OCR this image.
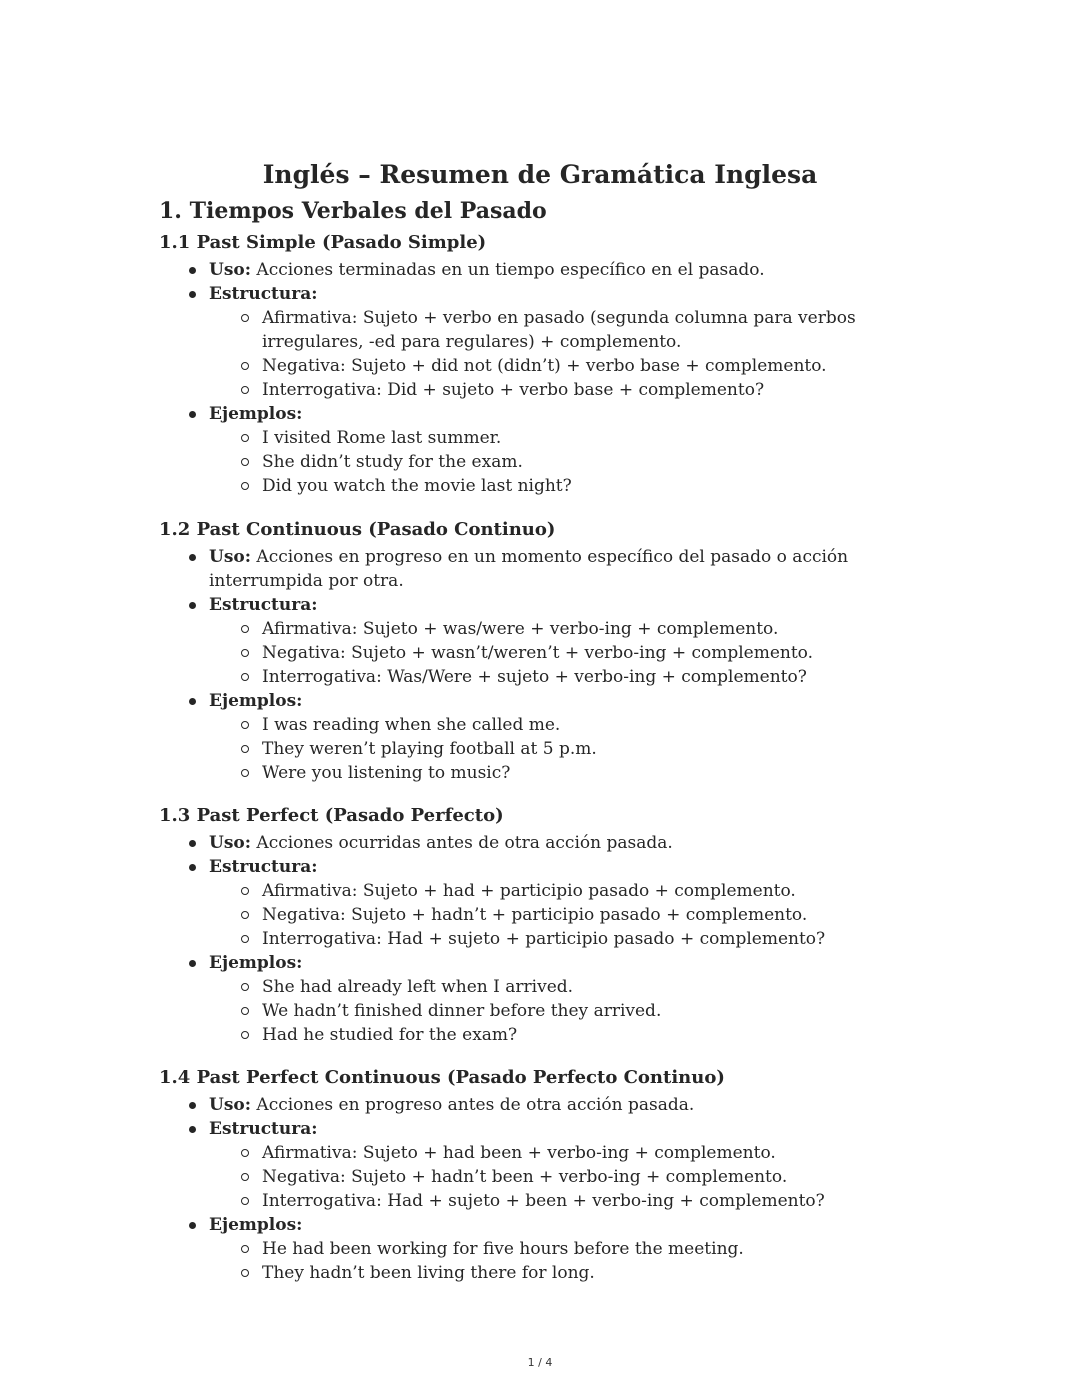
Inglés – Resumen de Gramática Inglesa
1. Tiempos Verbales del Pasado
1.1 Past Simple (Pasado Simple)
Uso: Acciones terminadas en un tiempo específico en el pasado.
Estructura:
Afirmativa: Sujeto + verbo en pasado (segunda columna para verbos
irregulares, -ed para regulares) + complemento.
Negativa: Sujeto + did not (didn’t) + verbo base + complemento.
Interrogativa: Did + sujeto + verbo base + complemento?
Ejemplos:
I visited Rome last summer.
She didn’t study for the exam.
Did you watch the movie last night?
1.2 Past Continuous (Pasado Continuo)
Uso: Acciones en progreso en un momento específico del pasado o acción
interrumpida por otra.
Estructura:
Afirmativa: Sujeto + was/were + verbo-ing + complemento.
Negativa: Sujeto + wasn’t/weren’t + verbo-ing + complemento.
Interrogativa: Was/Were + sujeto + verbo-ing + complemento?
Ejemplos:
I was reading when she called me.
They weren’t playing football at 5 p.m.
Were you listening to music?
1.3 Past Perfect (Pasado Perfecto)
Uso: Acciones ocurridas antes de otra acción pasada.
Estructura:
Afirmativa: Sujeto + had + participio pasado + complemento.
Negativa: Sujeto + hadn’t + participio pasado + complemento.
Interrogativa: Had + sujeto + participio pasado + complemento?
Ejemplos:
She had already left when I arrived.
We hadn’t finished dinner before they arrived.
Had he studied for the exam?
1.4 Past Perfect Continuous (Pasado Perfecto Continuo)
Uso: Acciones en progreso antes de otra acción pasada.
Estructura:
Afirmativa: Sujeto + had been + verbo-ing + complemento.
Negativa: Sujeto + hadn’t been + verbo-ing + complemento.
Interrogativa: Had + sujeto + been + verbo-ing + complemento?
Ejemplos:
He had been working for five hours before the meeting.
They hadn’t been living there for long.
1 / 4
